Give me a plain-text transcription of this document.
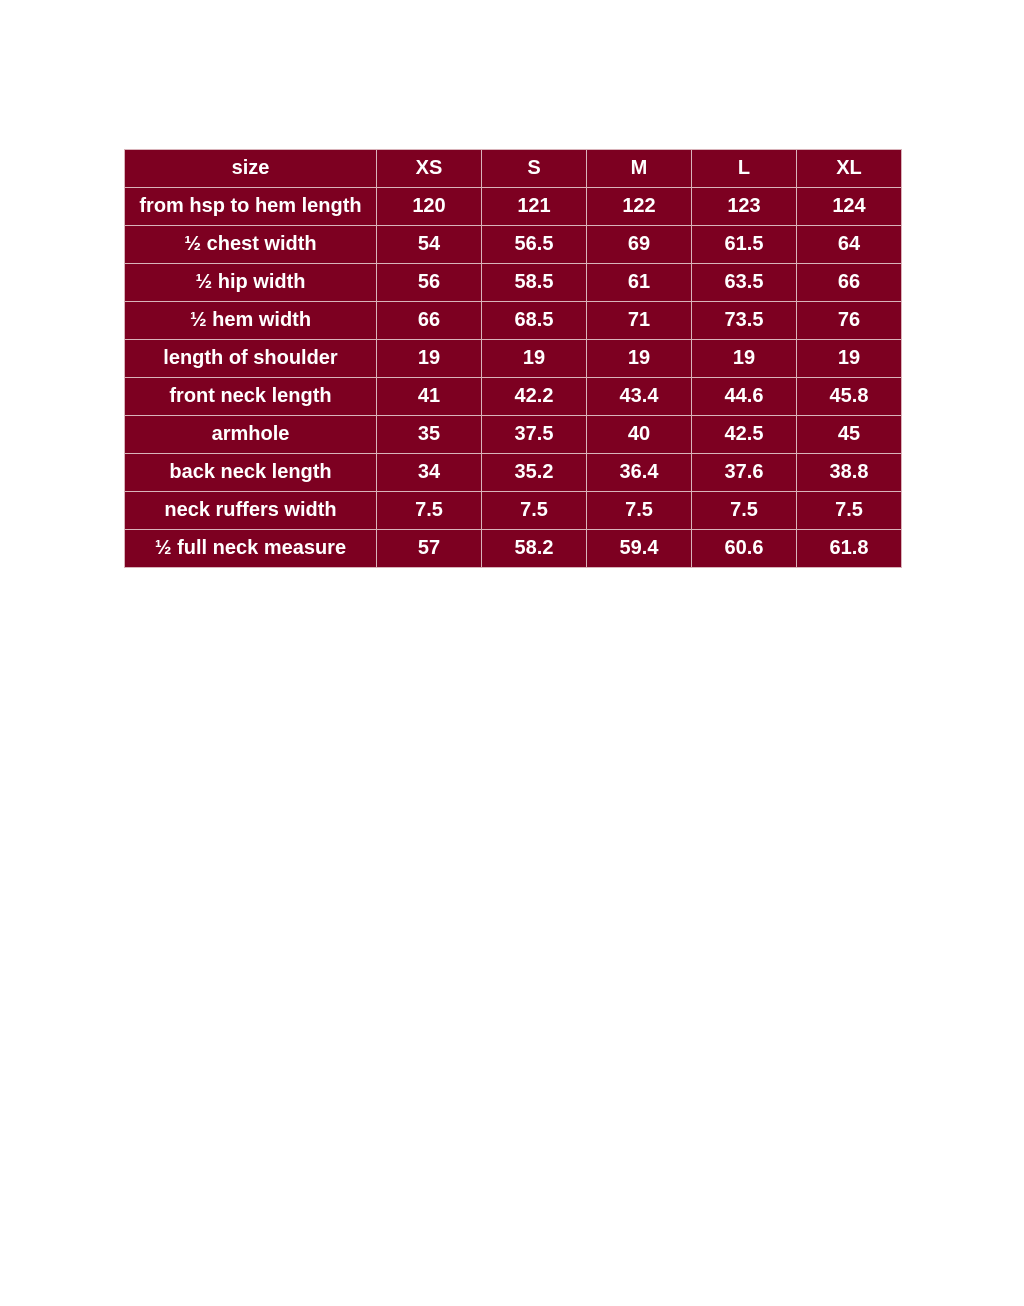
size	XS	S	M	L	XL
from hsp to hem length	120	121	122	123	124
½ chest width	54	56.5	69	61.5	64
½ hip width	56	58.5	61	63.5	66
½ hem width	66	68.5	71	73.5	76
length of shoulder	19	19	19	19	19
front neck length	41	42.2	43.4	44.6	45.8
armhole	35	37.5	40	42.5	45
back neck length	34	35.2	36.4	37.6	38.8
neck ruffers width	7.5	7.5	7.5	7.5	7.5
½ full neck measure	57	58.2	59.4	60.6	61.8
